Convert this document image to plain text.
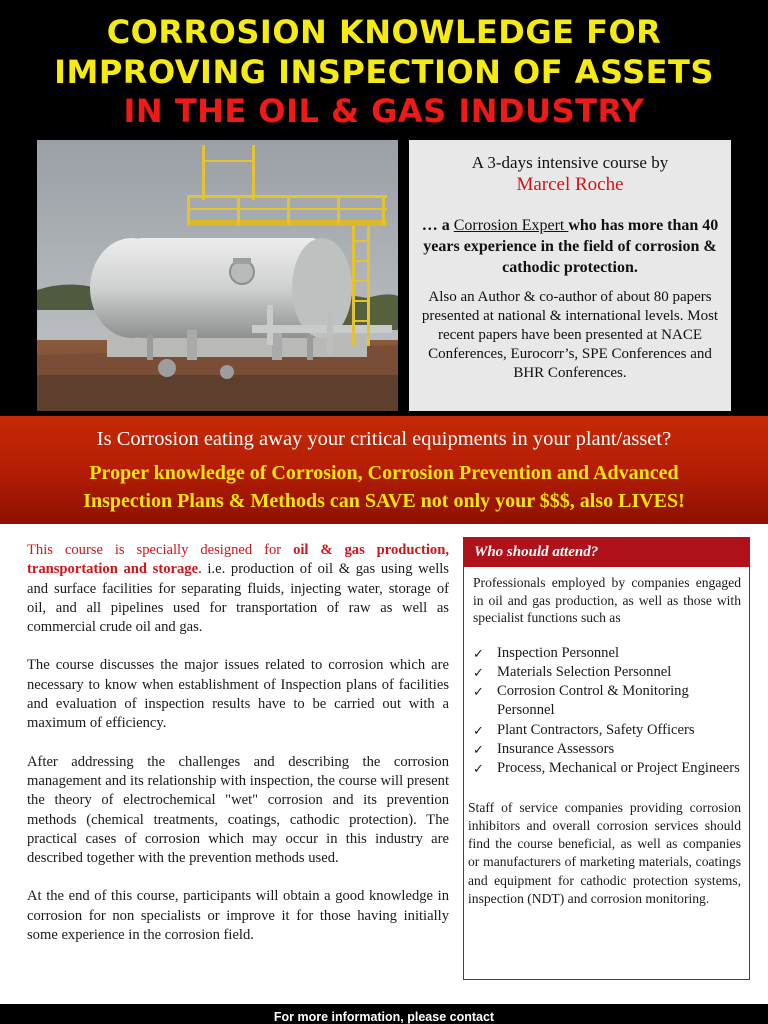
CORROSION KNOWLEDGE FOR
IMPROVING INSPECTION OF ASSETS
IN THE OIL & GAS INDUSTRY
A 3-days intensive course by
Marcel Roche
… a Corrosion Expert who has more than 40 years experience in the field of corrosion & cathodic protection.
Also an Author & co-author of about 80 papers presented at national & international levels. Most recent papers have been presented at NACE Conferences, Eurocorr’s, SPE Conferences and BHR Conferences.
Is Corrosion eating away your critical equipments in your plant/asset?
Proper knowledge of Corrosion, Corrosion Prevention and Advanced
Inspection Plans & Methods can SAVE not only your $$$, also LIVES!

This course is specially designed for oil & gas production, transportation and storage. i.e. production of oil & gas using wells and surface facilities for separating fluids, injecting water, storage of oil, and all pipelines used for transportation of raw as well as commercial crude oil and gas.

The course discusses the major issues related to corrosion which are necessary to know when establishment of Inspection plans of facilities and evaluation of inspection results have to be carried out with a maximum of efficiency.

After addressing the challenges and describing the corrosion management and its relationship with inspection, the course will present the theory of electrochemical "wet" corrosion and its prevention methods (chemical treatments, coatings, cathodic protection). The practical cases of corrosion which may occur in this industry are described together with the prevention methods used.

At the end of this course, participants will obtain a good knowledge in corrosion for non specialists or improve it for those having initially some experience in the corrosion field.

Who should attend?
Professionals employed by companies engaged in oil and gas production, as well as those with specialist functions such as
✓ Inspection Personnel
✓ Materials Selection Personnel
✓ Corrosion Control & Monitoring Personnel
✓ Plant Contractors, Safety Officers
✓ Insurance Assessors
✓ Process, Mechanical or Project Engineers
Staff of service companies providing corrosion inhibitors and overall corrosion services should find the course beneficial, as well as companies or manufacturers of marketing materials, coatings and equipment for cathodic protection systems, inspection (NDT) and corrosion monitoring.
For more information, please contact
